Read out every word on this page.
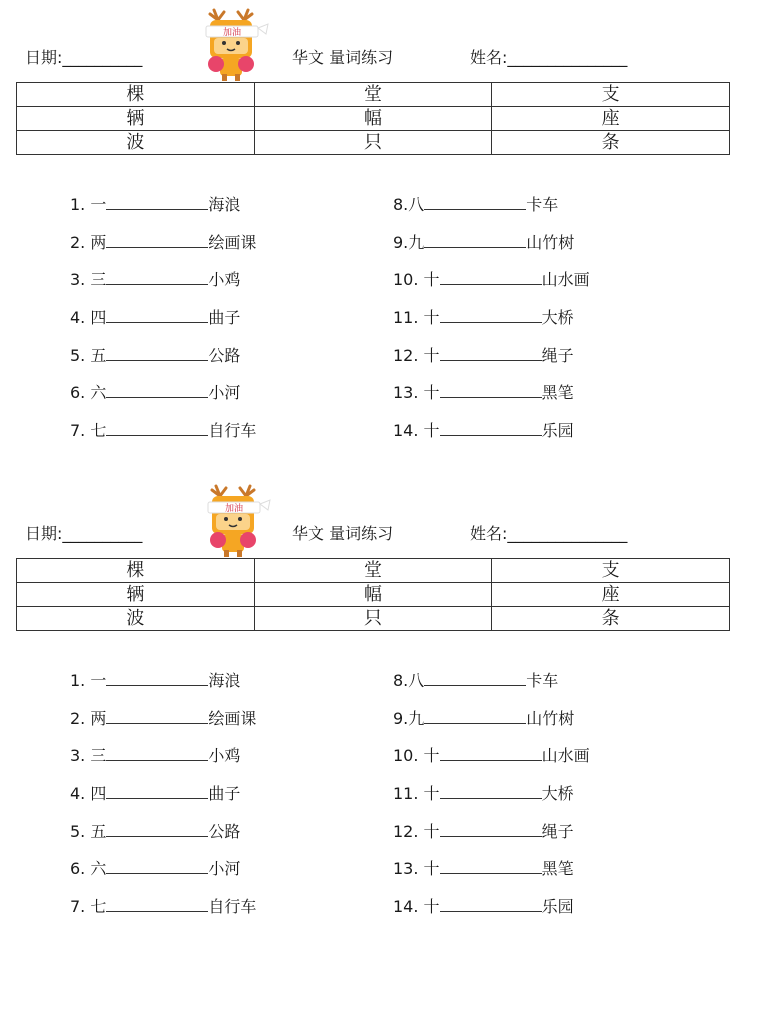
日期:__________
加油
华文 量词练习	姓名:_______________
棵	堂	支
辆	幅	座
波	只	条
1. 一	海浪
2. 两	绘画课
3. 三	小鸡
4. 四	曲子
5. 五	公路
6. 六	小河
7. 七	自行车
8.八	卡车
9.九	山竹树
10. 十	山水画
11. 十	大桥
12. 十	绳子
13. 十	黑笔
14. 十	乐园
日期:__________
加油
华文 量词练习	姓名:_______________
棵	堂	支
辆	幅	座
波	只	条
1. 一	海浪
2. 两	绘画课
3. 三	小鸡
4. 四	曲子
5. 五	公路
6. 六	小河
7. 七	自行车
8.八	卡车
9.九	山竹树
10. 十	山水画
11. 十	大桥
12. 十	绳子
13. 十	黑笔
14. 十	乐园
